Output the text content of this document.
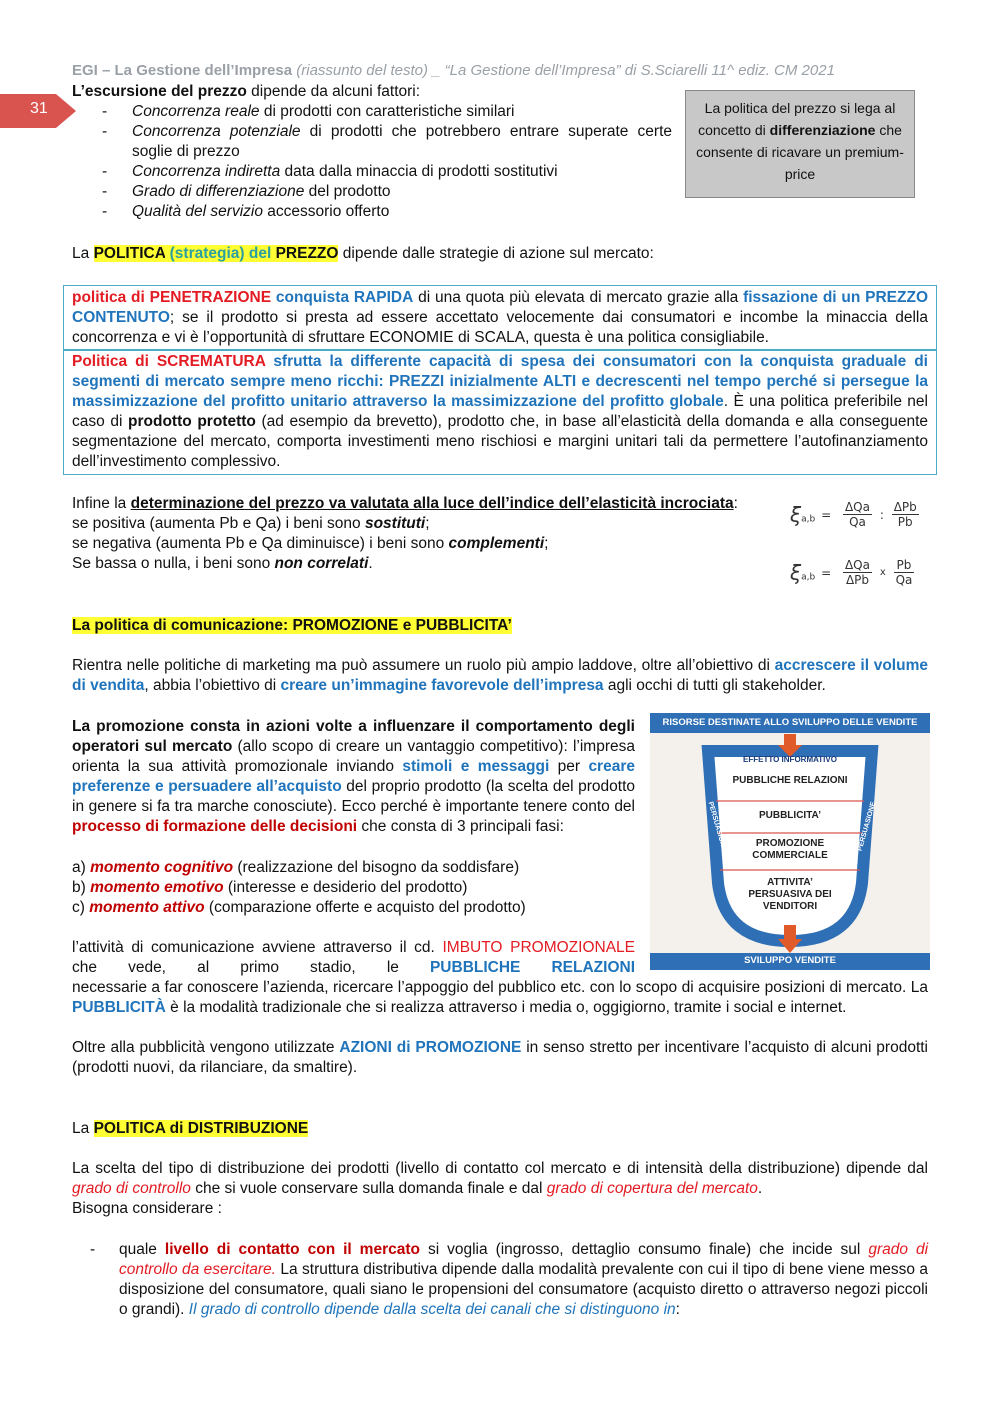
EGI – La Gestione dell’Impresa (riassunto del testo) _ “La Gestione dell’Impresa” di S.Sciarelli 11^ ediz. CM 2021
31
L’escursione del prezzo dipende da alcuni fattori:
- Concorrenza reale di prodotti con caratteristiche similari
- Concorrenza potenziale di prodotti che potrebbero entrare superate certe soglie di prezzo
- Concorrenza indiretta data dalla minaccia di prodotti sostitutivi
- Grado di differenziazione del prodotto
- Qualità del servizio accessorio offerto
La politica del prezzo si lega al concetto di differenziazione che consente di ricavare un premium-price
La POLITICA (strategia) del PREZZO dipende dalle strategie di azione sul mercato:
politica di PENETRAZIONE conquista RAPIDA di una quota più elevata di mercato grazie alla fissazione di un PREZZO CONTENUTO; se il prodotto si presta ad essere accettato velocemente dai consumatori e incombe la minaccia della concorrenza e vi è l’opportunità di sfruttare ECONOMIE di SCALA, questa è una politica consigliabile.
Politica di SCREMATURA sfrutta la differente capacità di spesa dei consumatori con la conquista graduale di segmenti di mercato sempre meno ricchi: PREZZI inizialmente ALTI e decrescenti nel tempo perché si persegue la massimizzazione del profitto unitario attraverso la massimizzazione del profitto globale. È una politica preferibile nel caso di prodotto protetto (ad esempio da brevetto), prodotto che, in base all’elasticità della domanda e alla conseguente segmentazione del mercato, comporta investimenti meno rischiosi e margini unitari tali da permettere l’autofinanziamento dell’investimento complessivo.
Infine la determinazione del prezzo va valutata alla luce dell’indice dell’elasticità incrociata:
se positiva (aumenta Pb e Qa) i beni sono sostituti;
se negativa (aumenta Pb e Qa diminuisce) i beni sono complementi;
Se bassa o nulla, i beni sono non correlati.
$\xi_{a,b} = \frac{\text{ΔQa}}{Qa}$ : $\frac{\text{ΔPb}}{Pb}$
$\xi_{a,b} = \frac{\text{ΔQa}}{\text{ΔPb}}$ x $\frac{Pb}{Qa}$
La politica di comunicazione: PROMOZIONE e PUBBLICITA’
Rientra nelle politiche di marketing ma può assumere un ruolo più ampio laddove, oltre all’obiettivo di accrescere il volume di vendita, abbia l’obiettivo di creare un’immagine favorevole dell’impresa agli occhi di tutti gli stakeholder.
La promozione consta in azioni volte a influenzare il comportamento degli operatori sul mercato (allo scopo di creare un vantaggio competitivo): l’impresa orienta la sua attività promozionale inviando stimoli e messaggi per creare preferenze e persuadere all’acquisto del proprio prodotto (la scelta del prodotto in genere si fa tra marche conosciute). Ecco perché è importante tenere conto del processo di formazione delle decisioni che consta di 3 principali fasi:
a) momento cognitivo (realizzazione del bisogno da soddisfare)
b) momento emotivo (interesse e desiderio del prodotto)
c) momento attivo (comparazione offerte e acquisto del prodotto)
l’attività di comunicazione avviene attraverso il cd. IMBUTO PROMOZIONALE che vede, al primo stadio, le PUBBLICHE RELAZIONI
necessarie a far conoscere l’azienda, ricercare l’appoggio del pubblico etc. con lo scopo di acquisire posizioni di mercato. La PUBBLICITÀ è la modalità tradizionale che si realizza attraverso i media o, oggigiorno, tramite i social e internet.
Oltre alla pubblicità vengono utilizzate AZIONI di PROMOZIONE in senso stretto per incentivare l’acquisto di alcuni prodotti (prodotti nuovi, da rilanciare, da smaltire).
RISORSE DESTINATE ALLO SVILUPPO DELLE VENDITE
EFFETTO INFORMATIVO
PUBBLICHE RELAZIONI
PUBBLICITA’
PROMOZIONE COMMERCIALE
ATTIVITA’ PERSUASIVA DEI VENDITORI
PERSUASIONE	PERSUASIONE
SVILUPPO VENDITE
La POLITICA di DISTRIBUZIONE
La scelta del tipo di distribuzione dei prodotti (livello di contatto col mercato e di intensità della distribuzione) dipende dal grado di controllo che si vuole conservare sulla domanda finale e dal grado di copertura del mercato.
Bisogna considerare :
- quale livello di contatto con il mercato si voglia (ingrosso, dettaglio consumo finale) che incide sul grado di controllo da esercitare. La struttura distributiva dipende dalla modalità prevalente con cui il tipo di bene viene messo a disposizione del consumatore, quali siano le propensioni del consumatore (acquisto diretto o attraverso negozi piccoli o grandi). Il grado di controllo dipende dalla scelta dei canali che si distinguono in:
